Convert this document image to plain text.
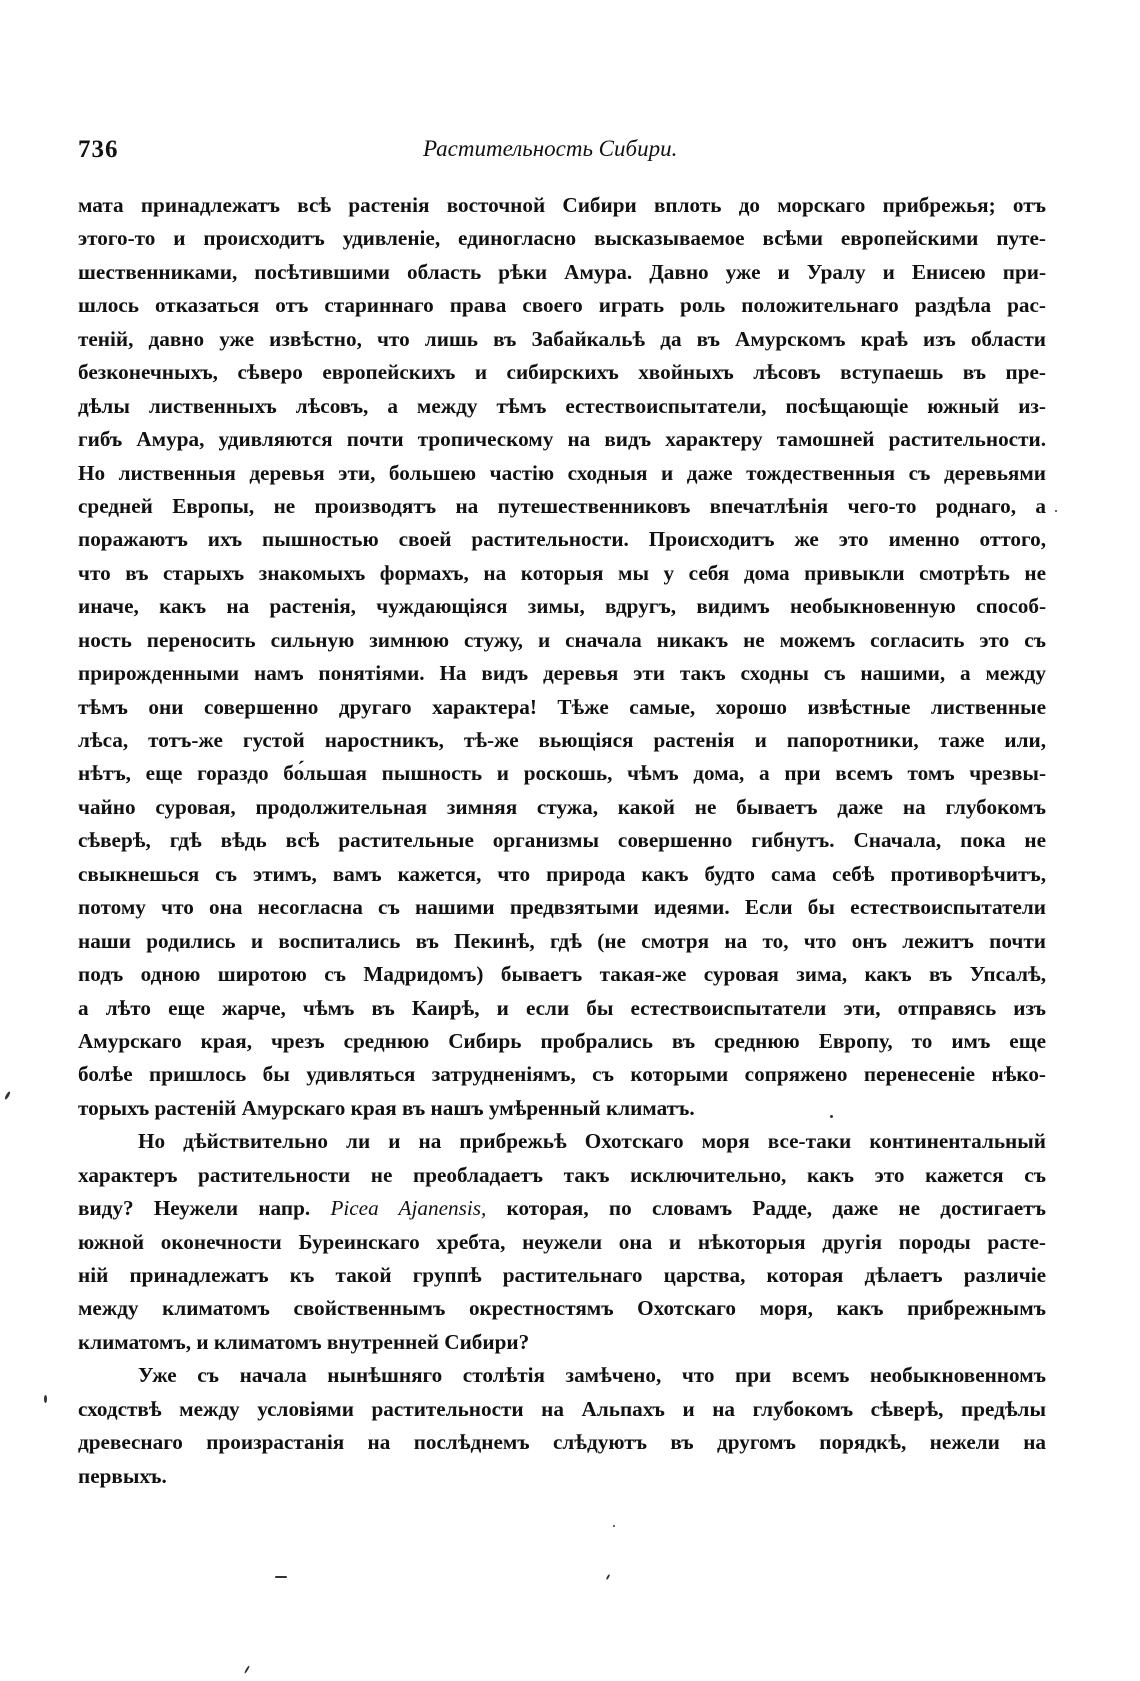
736	Растительность Сибири.
мата принадлежатъ всѣ растенія восточной Сибири вплоть до морскаго прибрежья; отъ
этого-то и происходитъ удивленіе, единогласно высказываемое всѣми европейскими путе-
шественниками, посѣтившими область рѣки Амура. Давно уже и Уралу и Енисею при-
шлось отказаться отъ стариннаго права своего играть роль положительнаго раздѣла рас-
теній, давно уже извѣстно, что лишь въ Забайкальѣ да въ Амурскомъ краѣ изъ области
безконечныхъ, сѣверо европейскихъ и сибирскихъ хвойныхъ лѣсовъ вступаешь въ пре-
дѣлы лиственныхъ лѣсовъ, а между тѣмъ естествоиспытатели, посѣщающіе южный из-
гибъ Амура, удивляются почти тропическому на видъ характеру тамошней растительности.
Но лиственныя деревья эти, большею частію сходныя и даже тождественныя съ деревьями
средней Европы, не производятъ на путешественниковъ впечатлѣнія чего-то роднаго, а
поражаютъ ихъ пышностью своей растительности. Происходитъ же это именно оттого,
что въ старыхъ знакомыхъ формахъ, на которыя мы у себя дома привыкли смотрѣть не
иначе, какъ на растенія, чуждающіяся зимы, вдругъ, видимъ необыкновенную способ-
ность переносить сильную зимнюю стужу, и сначала никакъ не можемъ согласить это съ
прирожденными намъ понятіями. На видъ деревья эти такъ сходны съ нашими, а между
тѣмъ они совершенно другаго характера! Тѣже самые, хорошо извѣстные лиственные
лѣса, тотъ-же густой наростникъ, тѣ-же вьющіяся растенія и папоротники, таже или,
нѣтъ, еще гораздо бо́льшая пышность и роскошь, чѣмъ дома, а при всемъ томъ чрезвы-
чайно суровая, продолжительная зимняя стужа, какой не бываетъ даже на глубокомъ
сѣверѣ, гдѣ вѣдь всѣ растительные организмы совершенно гибнутъ. Сначала, пока не
свыкнешься съ этимъ, вамъ кажется, что природа какъ будто сама себѣ противорѣчитъ,
потому что она несогласна съ нашими предвзятыми идеями. Если бы естествоиспытатели
наши родились и воспитались въ Пекинѣ, гдѣ (не смотря на то, что онъ лежитъ почти
подъ одною широтою съ Мадридомъ) бываетъ такая-же суровая зима, какъ въ Упсалѣ,
а лѣто еще жарче, чѣмъ въ Каирѣ, и если бы естествоиспытатели эти, отправясь изъ
Амурскаго края, чрезъ среднюю Сибирь пробрались въ среднюю Европу, то имъ еще
болѣе пришлось бы удивляться затрудненіямъ, съ которыми сопряжено перенесеніе нѣко-
торыхъ растеній Амурскаго края въ нашъ умѣренный климатъ.
Но дѣйствительно ли и на прибрежьѣ Охотскаго моря все-таки континентальный
характеръ растительности не преобладаетъ такъ исключительно, какъ это кажется съ
виду? Неужели напр. Picea Ajanensis, которая, по словамъ Радде, даже не достигаетъ
южной оконечности Буреинскаго хребта, неужели она и нѣкоторыя другія породы расте-
ній принадлежатъ къ такой группѣ растительнаго царства, которая дѣлаетъ различіе
между климатомъ свойственнымъ окрестностямъ Охотскаго моря, какъ прибрежнымъ
климатомъ, и климатомъ внутренней Сибири?
Уже съ начала нынѣшняго столѣтія замѣчено, что при всемъ необыкновенномъ
сходствѣ между условіями растительности на Альпахъ и на глубокомъ сѣверѣ, предѣлы
древеснаго произрастанія на послѣднемъ слѣдуютъ въ другомъ порядкѣ, нежели на
первыхъ.
